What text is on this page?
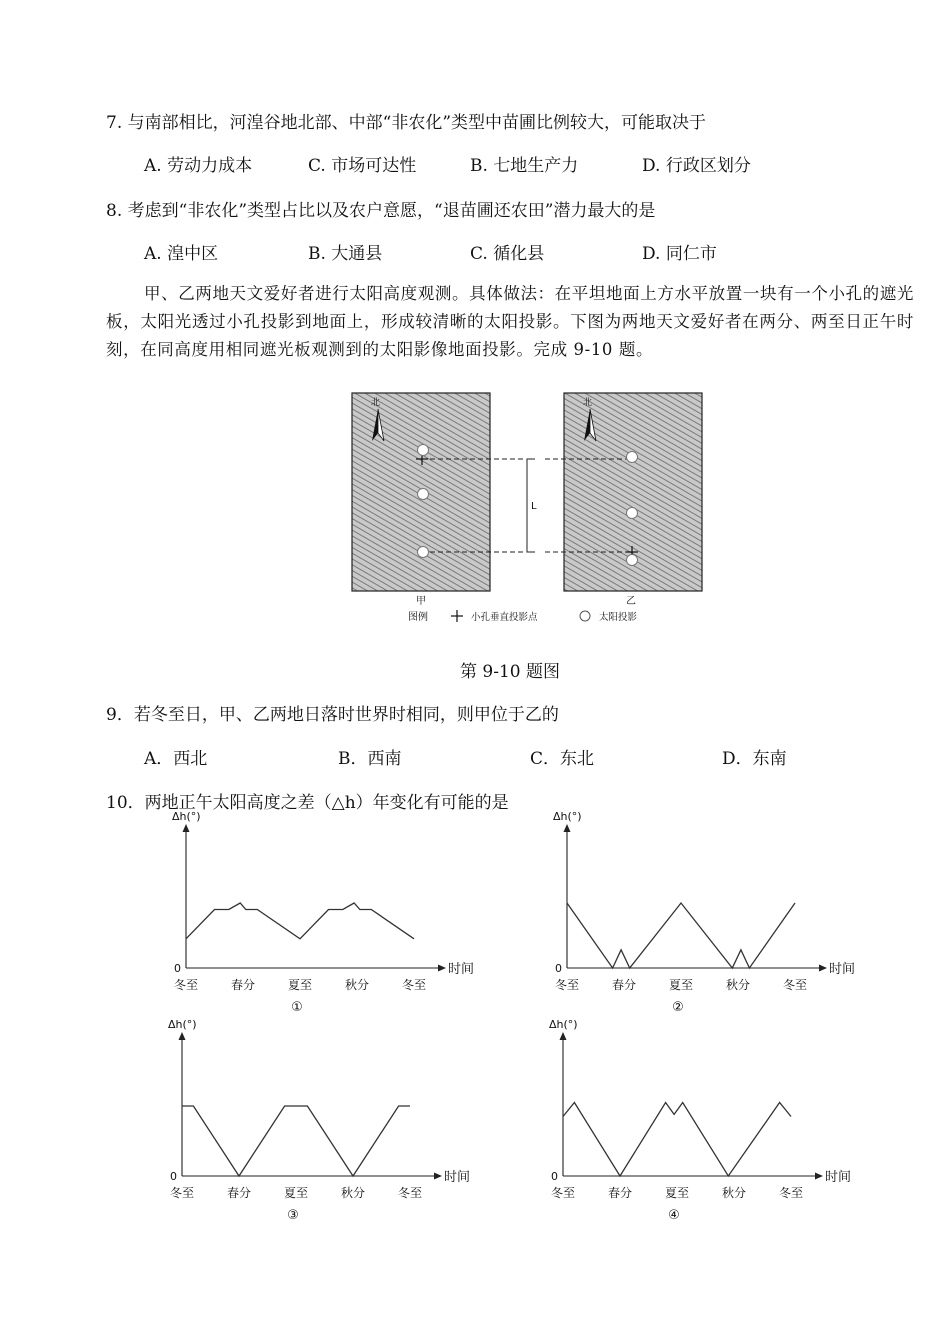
7. 与南部相比，河湟谷地北部、中部“非农化”类型中苗圃比例较大，可能取决于
A. 劳动力成本	C. 市场可达性	B. 七地生产力	D. 行政区划分
8. 考虑到“非农化”类型占比以及农户意愿，“退苗圃还农田”潜力最大的是
A. 湟中区	B. 大通县	C. 循化县	D. 同仁市
甲、乙两地天文爱好者进行太阳高度观测。具体做法：在平坦地面上方水平放置一块有一个小孔的遮光板，太阳光透过小孔投影到地面上，形成较清晰的太阳投影。下图为两地天文爱好者在两分、两至日正午时刻，在同高度用相同遮光板观测到的太阳影像地面投影。完成 9-10 题。
北	北
L
甲	乙
图例	小孔垂直投影点	太阳投影
第 9-10 题图
9．若冬至日，甲、乙两地日落时世界时相同，则甲位于乙的
A．西北	B．西南	C．东北	D．东南
10．两地正午太阳高度之差（△h）年变化有可能的是
Δh(°)
时间
0
冬至	春分	夏至	秋分	冬至
①
Δh(°)
时间
0
冬至	春分	夏至	秋分	冬至
②
Δh(°)
时间
0
冬至	春分	夏至	秋分	冬至
③
Δh(°)
时间
0
冬至	春分	夏至	秋分	冬至
④
